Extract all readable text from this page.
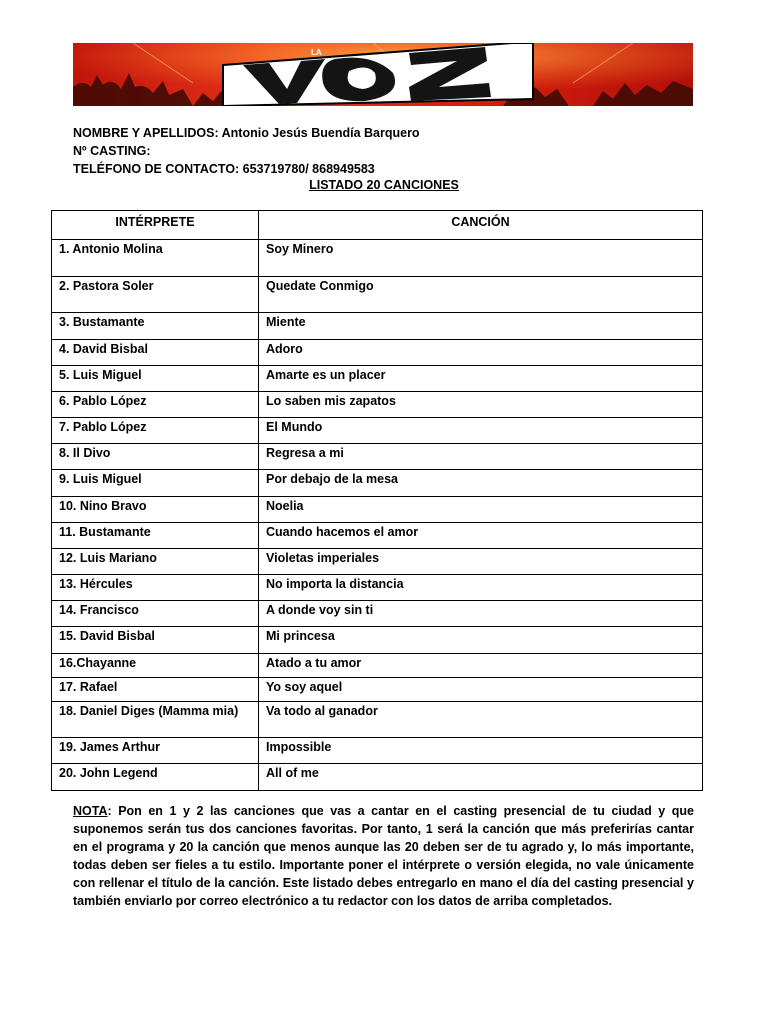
LA
NOMBRE Y APELLIDOS: Antonio Jesús Buendía Barquero
Nº CASTING:
TELÉFONO DE CONTACTO: 653719780/ 868949583
LISTADO 20 CANCIONES
INTÉRPRETE	CANCIÓN
1. Antonio Molina	Soy Minero
2. Pastora Soler	Quedate Conmigo
3. Bustamante	Miente
4. David Bisbal	Adoro
5. Luis Miguel	Amarte es un placer
6. Pablo López	Lo saben mis zapatos
7. Pablo López	El Mundo
8. Il Divo	Regresa a mi
9. Luis Miguel	Por debajo de la mesa
10. Nino Bravo	Noelia
11. Bustamante	Cuando hacemos el amor
12. Luis Mariano	Violetas imperiales
13. Hércules	No importa la distancia
14. Francisco	A donde voy sin ti
15. David Bisbal	Mi princesa
16.Chayanne	Atado a tu amor
17. Rafael	Yo soy aquel
18. Daniel Diges (Mamma mia)	Va todo al ganador
19. James Arthur	Impossible
20. John Legend	All of me
NOTA: Pon en 1 y 2 las canciones que vas a cantar en el casting presencial de tu ciudad y que suponemos serán tus dos canciones favoritas. Por tanto, 1 será la canción que más preferirías cantar en el programa y 20 la canción que menos aunque las 20 deben ser de tu agrado y, lo más importante, todas deben ser fieles a tu estilo. Importante poner el intérprete o versión elegida, no vale únicamente con rellenar el título de la canción. Este listado debes entregarlo en mano el día del casting presencial y también enviarlo por correo electrónico a tu redactor con los datos de arriba completados.
